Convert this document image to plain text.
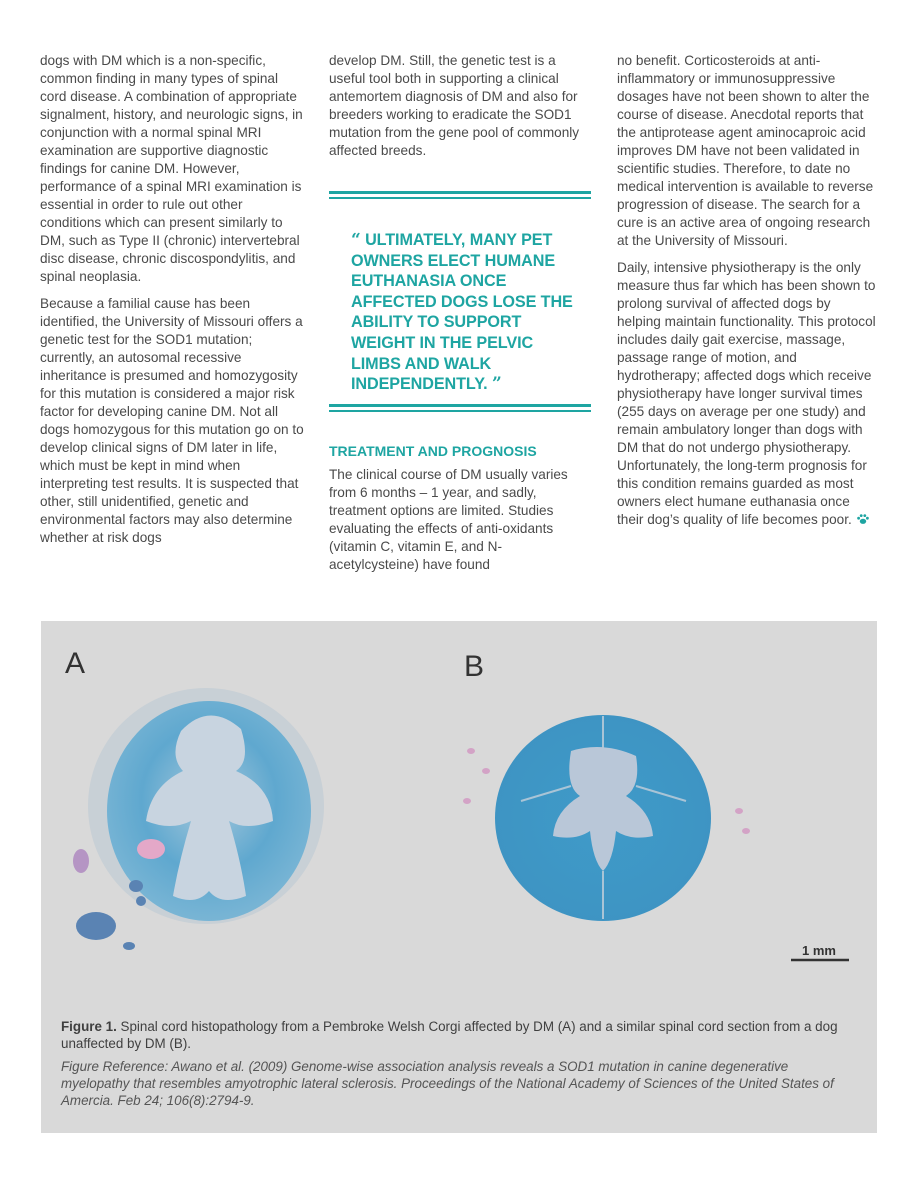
dogs with DM which is a non-specific, common finding in many types of spinal cord disease. A combination of appropriate signalment, history, and neurologic signs, in conjunction with a normal spinal MRI examination are supportive diagnostic findings for canine DM. However, performance of a spinal MRI examination is essential in order to rule out other conditions which can present similarly to DM, such as Type II (chronic) intervertebral disc disease, chronic discospondylitis, and spinal neoplasia.

Because a familial cause has been identified, the University of Missouri offers a genetic test for the SOD1 mutation; currently, an autosomal recessive inheritance is presumed and homozygosity for this mutation is considered a major risk factor for developing canine DM. Not all dogs homozygous for this mutation go on to develop clinical signs of DM later in life, which must be kept in mind when interpreting test results. It is suspected that other, still unidentified, genetic and environmental factors may also determine whether at risk dogs

develop DM. Still, the genetic test is a useful tool both in supporting a clinical antemortem diagnosis of DM and also for breeders working to eradicate the SOD1 mutation from the gene pool of commonly affected breeds.

“ ULTIMATELY, MANY PET OWNERS ELECT HUMANE EUTHANASIA ONCE AFFECTED DOGS LOSE THE ABILITY TO SUPPORT WEIGHT IN THE PELVIC LIMBS AND WALK INDEPENDENTLY. ”
TREATMENT AND PROGNOSIS

The clinical course of DM usually varies from 6 months – 1 year, and sadly, treatment options are limited. Studies evaluating the effects of anti-oxidants (vitamin C, vitamin E, and N-acetylcysteine) have found

no benefit. Corticosteroids at anti-inflammatory or immunosuppressive dosages have not been shown to alter the course of disease. Anecdotal reports that the antiprotease agent aminocaproic acid improves DM have not been validated in scientific studies. Therefore, to date no medical intervention is available to reverse progression of disease. The search for a cure is an active area of ongoing research at the University of Missouri.

Daily, intensive physiotherapy is the only measure thus far which has been shown to prolong survival of affected dogs by helping maintain functionality. This protocol includes daily gait exercise, massage, passage range of motion, and hydrotherapy; affected dogs which receive physiotherapy have longer survival times (255 days on average per one study) and remain ambulatory longer than dogs with DM that do not undergo physiotherapy. Unfortunately, the long-term prognosis for this condition remains guarded as most owners elect humane euthanasia once their dog’s quality of life becomes poor.

A	B
1 mm

Figure 1. Spinal cord histopathology from a Pembroke Welsh Corgi affected by DM (A) and a similar spinal cord section from a dog unaffected by DM (B).

Figure Reference: Awano et al. (2009) Genome-wise association analysis reveals a SOD1 mutation in canine degenerative myelopathy that resembles amyotrophic lateral sclerosis. Proceedings of the National Academy of Sciences of the United States of Amercia. Feb 24; 106(8):2794-9.
